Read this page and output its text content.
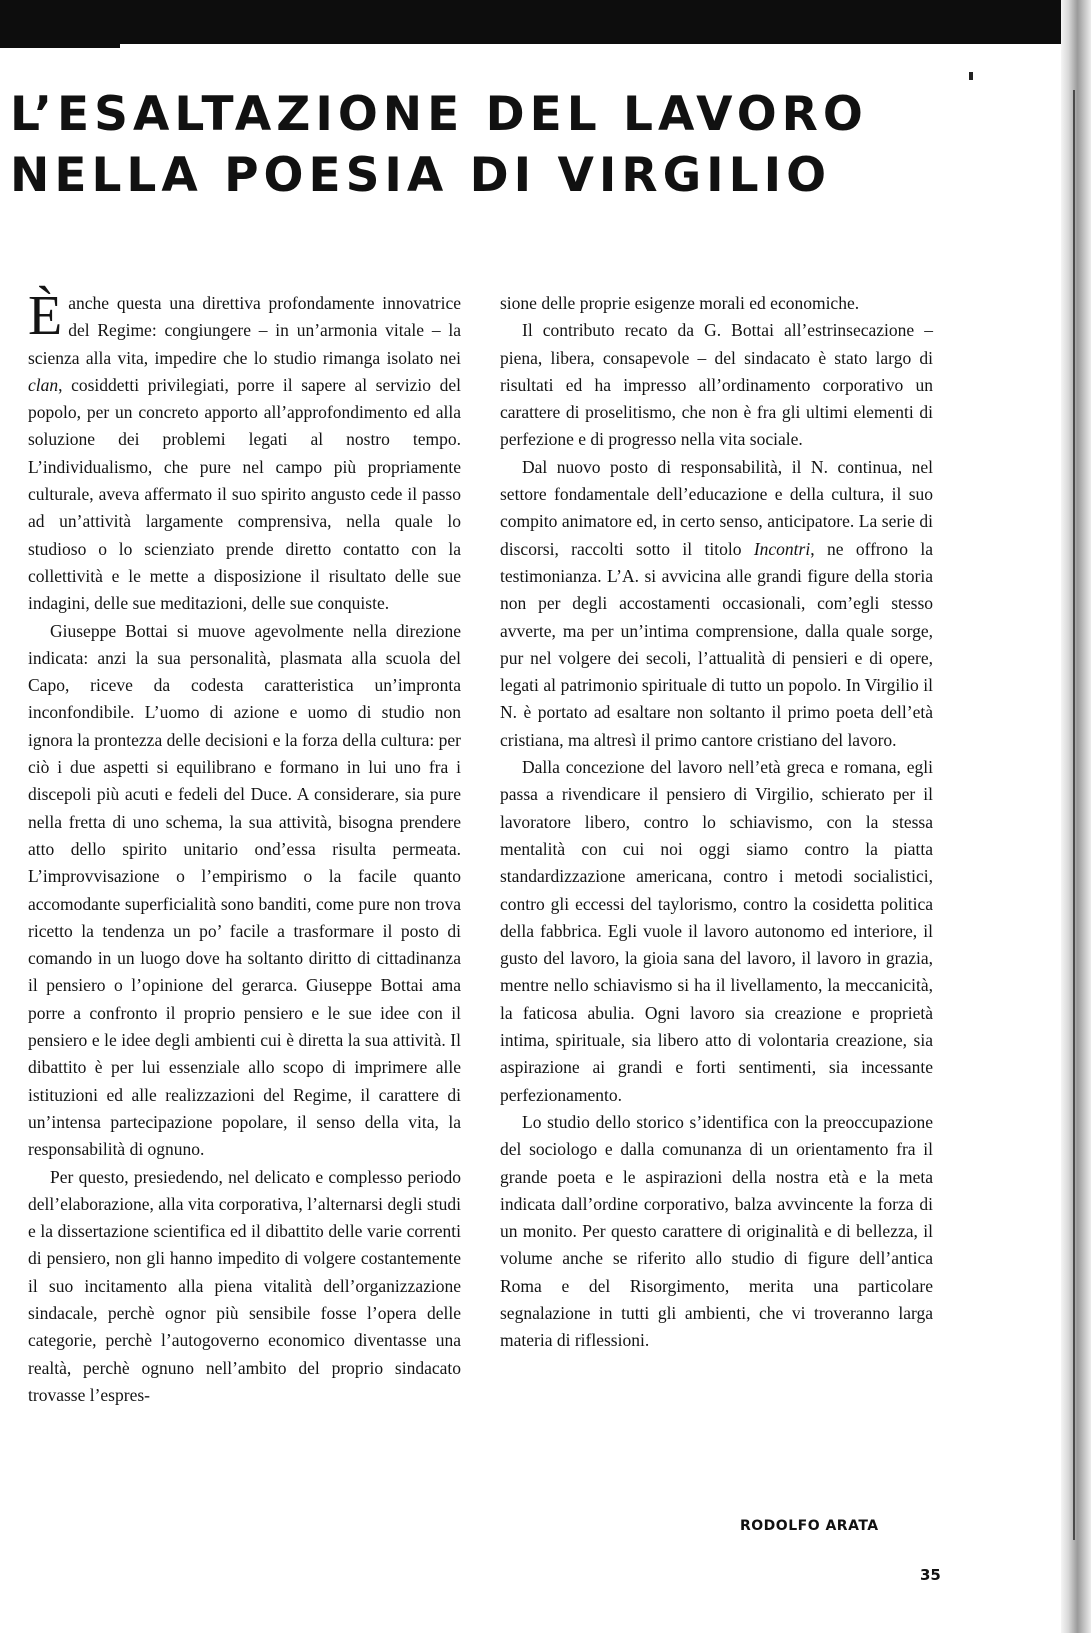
L’ESALTAZIONE DEL LAVORO
NELLA POESIA DI VIRGILIO

È anche questa una direttiva profondamente innovatrice del Regime: congiungere – in un’armonia vitale – la scienza alla vita, impedire che lo studio rimanga isolato nei clan, cosiddetti privilegiati, porre il sapere al servizio del popolo, per un concreto apporto all’approfondimento ed alla soluzione dei problemi legati al nostro tempo. L’individualismo, che pure nel campo più propriamente culturale, aveva affermato il suo spirito angusto cede il passo ad un’attività largamente comprensiva, nella quale lo studioso o lo scienziato prende diretto contatto con la collettività e le mette a disposizione il risultato delle sue indagini, delle sue meditazioni, delle sue conquiste.

Giuseppe Bottai si muove agevolmente nella direzione indicata: anzi la sua personalità, plasmata alla scuola del Capo, riceve da codesta caratteristica un’impronta inconfondibile. L’uomo di azione e uomo di studio non ignora la prontezza delle decisioni e la forza della cultura: per ciò i due aspetti si equilibrano e formano in lui uno fra i discepoli più acuti e fedeli del Duce. A considerare, sia pure nella fretta di uno schema, la sua attività, bisogna prendere atto dello spirito unitario ond’essa risulta permeata. L’improvvisazione o l’empirismo o la facile quanto accomodante superficialità sono banditi, come pure non trova ricetto la tendenza un po’ facile a trasformare il posto di comando in un luogo dove ha soltanto diritto di cittadinanza il pensiero o l’opinione del gerarca. Giuseppe Bottai ama porre a confronto il proprio pensiero e le sue idee con il pensiero e le idee degli ambienti cui è diretta la sua attività. Il dibattito è per lui essenziale allo scopo di imprimere alle istituzioni ed alle realizzazioni del Regime, il carattere di un’intensa partecipazione popolare, il senso della vita, la responsabilità di ognuno.

Per questo, presiedendo, nel delicato e complesso periodo dell’elaborazione, alla vita corporativa, l’alternarsi degli studi e la dissertazione scientifica ed il dibattito delle varie correnti di pensiero, non gli hanno impedito di volgere costantemente il suo incitamento alla piena vitalità dell’organizzazione sindacale, perchè ognor più sensibile fosse l’opera delle categorie, perchè l’autogoverno economico diventasse una realtà, perchè ognuno nell’ambito del proprio sindacato trovasse l’espres-

sione delle proprie esigenze morali ed economiche.

Il contributo recato da G. Bottai all’estrinsecazione – piena, libera, consapevole – del sindacato è stato largo di risultati ed ha impresso all’ordinamento corporativo un carattere di proselitismo, che non è fra gli ultimi elementi di perfezione e di progresso nella vita sociale.

Dal nuovo posto di responsabilità, il N. continua, nel settore fondamentale dell’educazione e della cultura, il suo compito animatore ed, in certo senso, anticipatore. La serie di discorsi, raccolti sotto il titolo Incontri, ne offrono la testimonianza. L’A. si avvicina alle grandi figure della storia non per degli accostamenti occasionali, com’egli stesso avverte, ma per un’intima comprensione, dalla quale sorge, pur nel volgere dei secoli, l’attualità di pensieri e di opere, legati al patrimonio spirituale di tutto un popolo. In Virgilio il N. è portato ad esaltare non soltanto il primo poeta dell’età cristiana, ma altresì il primo cantore cristiano del lavoro.

Dalla concezione del lavoro nell’età greca e romana, egli passa a rivendicare il pensiero di Virgilio, schierato per il lavoratore libero, contro lo schiavismo, con la stessa mentalità con cui noi oggi siamo contro la piatta standardizzazione americana, contro i metodi socialistici, contro gli eccessi del taylorismo, contro la cosidetta politica della fabbrica. Egli vuole il lavoro autonomo ed interiore, il gusto del lavoro, la gioia sana del lavoro, il lavoro in grazia, mentre nello schiavismo si ha il livellamento, la meccanicità, la faticosa abulia. Ogni lavoro sia creazione e proprietà intima, spirituale, sia libero atto di volontaria creazione, sia aspirazione ai grandi e forti sentimenti, sia incessante perfezionamento.

Lo studio dello storico s’identifica con la preoccupazione del sociologo e dalla comunanza di un orientamento fra il grande poeta e le aspirazioni della nostra età e la meta indicata dall’ordine corporativo, balza avvincente la forza di un monito. Per questo carattere di originalità e di bellezza, il volume anche se riferito allo studio di figure dell’antica Roma e del Risorgimento, merita una particolare segnalazione in tutti gli ambienti, che vi troveranno larga materia di riflessioni.

RODOLFO ARATA
35
